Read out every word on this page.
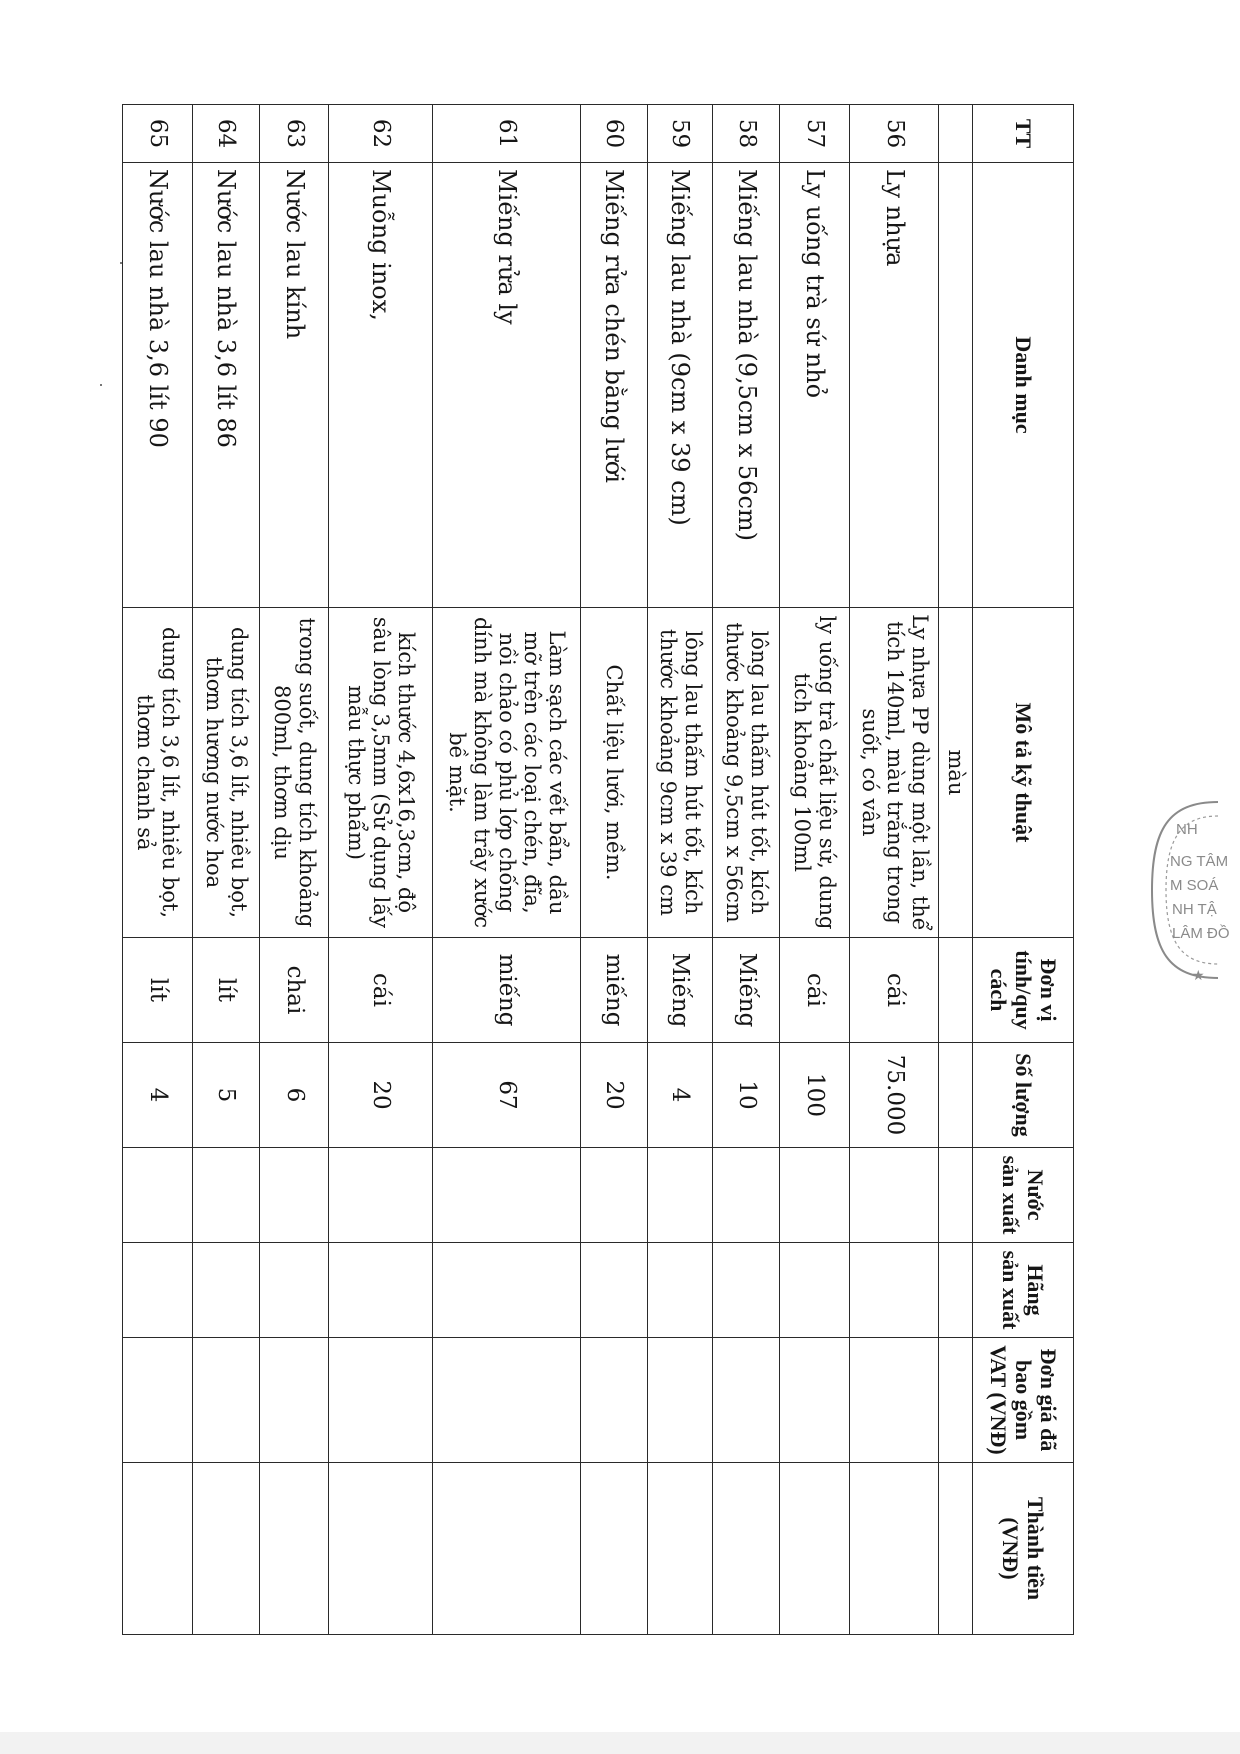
TT	Danh mục	Mô tả kỹ thuật	Đơn vị tính/quy cách	Số lượng	Nước sản xuất	Hãng sản xuất	Đơn giá đã bao gồm VAT (VNĐ)	Thành tiền (VNĐ)
		màu						
56	Ly nhựa	Ly nhựa PP dùng một lần, thể tích 140ml, màu trắng trong suốt, có vân	cái	75.000				
57	Ly uống trà sứ nhỏ	ly uống trà chất liệu sứ, dung tích khoảng 100ml	cái	100				
58	Miếng lau nhà (9,5cm x 56cm)	lông lau thấm hút tốt, kích thước khoảng 9,5cm x 56cm	Miếng	10				
59	Miếng lau nhà (9cm x 39 cm)	lông lau thấm hút tốt, kích thước khoảng 9cm x 39 cm	Miếng	4				
60	Miếng rửa chén bằng lưới	Chất liệu lưới, mềm.	miếng	20				
61	Miếng rửa ly	Làm sạch các vết bẩn, dầu mỡ trên các loại chén, đĩa, nồi chảo có phủ lớp chống dính mà không làm trầy xước bề mặt.	miếng	67				
62	Muỗng inox,	kích thước 4,6x16,3cm, độ sâu lòng 3,5mm (Sử dụng lấy mẫu thực phẩm)	cái	20				
63	Nước lau kính	trong suốt, dung tích khoảng 800ml, thơm dịu	chai	6				
64	Nước lau nhà 3,6 lít 86	dung tích 3,6 lít, nhiều bọt, thơm hương nước hoa	lít	5				
65	Nước lau nhà 3,6 lít 90	dung tích 3,6 lít, nhiều bọt, thơm chanh sả	lít	4				
NH
NG TÂM
M SOÁ
NH TẬ
LÂM ĐỒ
★
